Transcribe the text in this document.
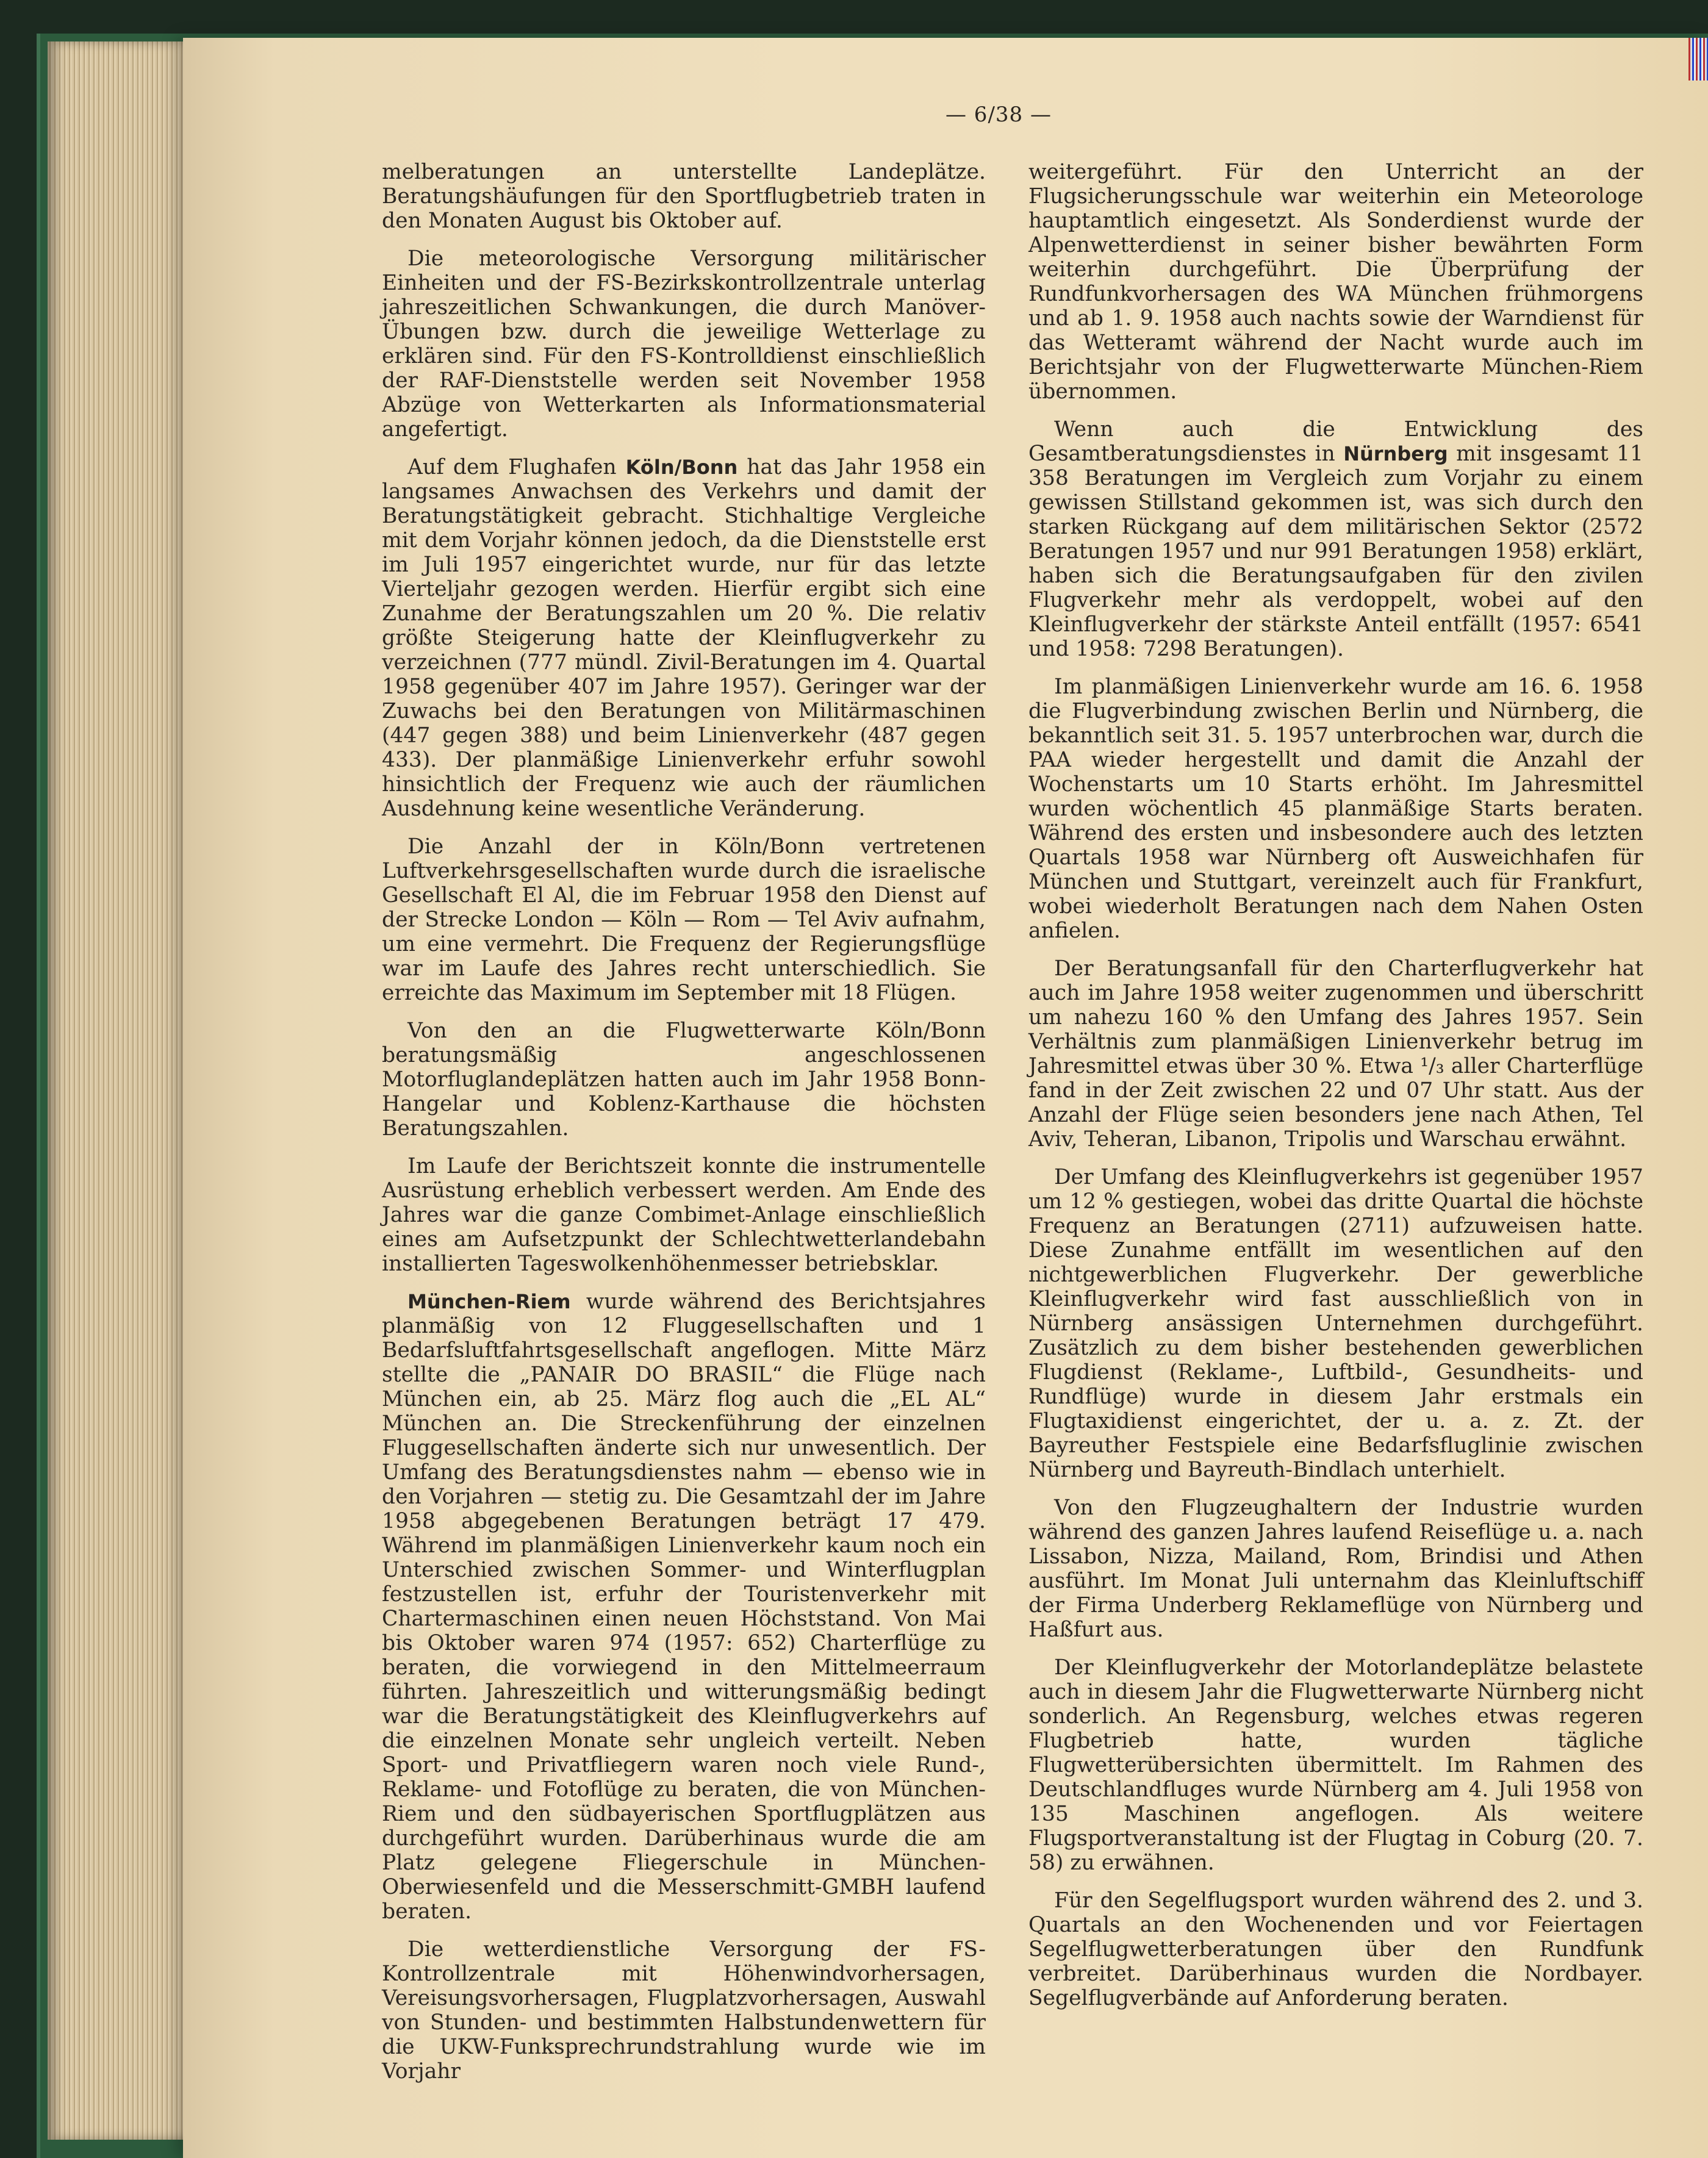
— 6/38 —

melberatungen an unterstellte Landeplätze. Beratungshäufungen für den Sportflugbetrieb traten in den Monaten August bis Oktober auf.

Die meteorologische Versorgung militärischer Einheiten und der FS-Bezirkskontrollzentrale unterlag jahreszeitlichen Schwankungen, die durch Manöver-Übungen bzw. durch die jeweilige Wetterlage zu erklären sind. Für den FS-Kontrolldienst einschließlich der RAF-Dienststelle werden seit November 1958 Abzüge von Wetterkarten als Informationsmaterial angefertigt.

Auf dem Flughafen Köln/Bonn hat das Jahr 1958 ein langsames Anwachsen des Verkehrs und damit der Beratungstätigkeit gebracht. Stichhaltige Vergleiche mit dem Vorjahr können jedoch, da die Dienststelle erst im Juli 1957 eingerichtet wurde, nur für das letzte Vierteljahr gezogen werden. Hierfür ergibt sich eine Zunahme der Beratungszahlen um 20 %. Die relativ größte Steigerung hatte der Kleinflugverkehr zu verzeichnen (777 mündl. Zivil-Beratungen im 4. Quartal 1958 gegenüber 407 im Jahre 1957). Geringer war der Zuwachs bei den Beratungen von Militärmaschinen (447 gegen 388) und beim Linienverkehr (487 gegen 433). Der planmäßige Linienverkehr erfuhr sowohl hinsichtlich der Frequenz wie auch der räumlichen Ausdehnung keine wesentliche Veränderung.

Die Anzahl der in Köln/Bonn vertretenen Luftverkehrsgesellschaften wurde durch die israelische Gesellschaft El Al, die im Februar 1958 den Dienst auf der Strecke London — Köln — Rom — Tel Aviv aufnahm, um eine vermehrt. Die Frequenz der Regierungsflüge war im Laufe des Jahres recht unterschiedlich. Sie erreichte das Maximum im September mit 18 Flügen.

Von den an die Flugwetterwarte Köln/Bonn beratungsmäßig angeschlossenen Motorfluglandeplätzen hatten auch im Jahr 1958 Bonn-Hangelar und Koblenz-Karthause die höchsten Beratungszahlen.

Im Laufe der Berichtszeit konnte die instrumentelle Ausrüstung erheblich verbessert werden. Am Ende des Jahres war die ganze Combimet-Anlage einschließlich eines am Aufsetzpunkt der Schlechtwetterlandebahn installierten Tageswolkenhöhenmesser betriebsklar.

München-Riem wurde während des Berichtsjahres planmäßig von 12 Fluggesellschaften und 1 Bedarfsluftfahrtsgesellschaft angeflogen. Mitte März stellte die „PANAIR DO BRASIL“ die Flüge nach München ein, ab 25. März flog auch die „EL AL“ München an. Die Streckenführung der einzelnen Fluggesellschaften änderte sich nur unwesentlich. Der Umfang des Beratungsdienstes nahm — ebenso wie in den Vorjahren — stetig zu. Die Gesamtzahl der im Jahre 1958 abgegebenen Beratungen beträgt 17 479. Während im planmäßigen Linienverkehr kaum noch ein Unterschied zwischen Sommer- und Winterflugplan festzustellen ist, erfuhr der Touristenverkehr mit Chartermaschinen einen neuen Höchststand. Von Mai bis Oktober waren 974 (1957: 652) Charterflüge zu beraten, die vorwiegend in den Mittelmeerraum führten. Jahreszeitlich und witterungsmäßig bedingt war die Beratungstätigkeit des Kleinflugverkehrs auf die einzelnen Monate sehr ungleich verteilt. Neben Sport- und Privatfliegern waren noch viele Rund-, Reklame- und Fotoflüge zu beraten, die von München-Riem und den südbayerischen Sportflugplätzen aus durchgeführt wurden. Darüberhinaus wurde die am Platz gelegene Fliegerschule in München-Oberwiesenfeld und die Messerschmitt-GMBH laufend beraten.

Die wetterdienstliche Versorgung der FS-Kontrollzentrale mit Höhenwindvorhersagen, Vereisungsvorhersagen, Flugplatzvorhersagen, Auswahl von Stunden- und bestimmten Halbstundenwettern für die UKW-Funksprechrundstrahlung wurde wie im Vorjahr

weitergeführt. Für den Unterricht an der Flugsicherungsschule war weiterhin ein Meteorologe hauptamtlich eingesetzt. Als Sonderdienst wurde der Alpenwetterdienst in seiner bisher bewährten Form weiterhin durchgeführt. Die Überprüfung der Rundfunkvorhersagen des WA München frühmorgens und ab 1. 9. 1958 auch nachts sowie der Warndienst für das Wetteramt während der Nacht wurde auch im Berichtsjahr von der Flugwetterwarte München-Riem übernommen.

Wenn auch die Entwicklung des Gesamtberatungsdienstes in Nürnberg mit insgesamt 11 358 Beratungen im Vergleich zum Vorjahr zu einem gewissen Stillstand gekommen ist, was sich durch den starken Rückgang auf dem militärischen Sektor (2572 Beratungen 1957 und nur 991 Beratungen 1958) erklärt, haben sich die Beratungsaufgaben für den zivilen Flugverkehr mehr als verdoppelt, wobei auf den Kleinflugverkehr der stärkste Anteil entfällt (1957: 6541 und 1958: 7298 Beratungen).

Im planmäßigen Linienverkehr wurde am 16. 6. 1958 die Flugverbindung zwischen Berlin und Nürnberg, die bekanntlich seit 31. 5. 1957 unterbrochen war, durch die PAA wieder hergestellt und damit die Anzahl der Wochenstarts um 10 Starts erhöht. Im Jahresmittel wurden wöchentlich 45 planmäßige Starts beraten. Während des ersten und insbesondere auch des letzten Quartals 1958 war Nürnberg oft Ausweichhafen für München und Stuttgart, vereinzelt auch für Frankfurt, wobei wiederholt Beratungen nach dem Nahen Osten anfielen.

Der Beratungsanfall für den Charterflugverkehr hat auch im Jahre 1958 weiter zugenommen und überschritt um nahezu 160 % den Umfang des Jahres 1957. Sein Verhältnis zum planmäßigen Linienverkehr betrug im Jahresmittel etwas über 30 %. Etwa ¹/₃ aller Charterflüge fand in der Zeit zwischen 22 und 07 Uhr statt. Aus der Anzahl der Flüge seien besonders jene nach Athen, Tel Aviv, Teheran, Libanon, Tripolis und Warschau erwähnt.

Der Umfang des Kleinflugverkehrs ist gegenüber 1957 um 12 % gestiegen, wobei das dritte Quartal die höchste Frequenz an Beratungen (2711) aufzuweisen hatte. Diese Zunahme entfällt im wesentlichen auf den nichtgewerblichen Flugverkehr. Der gewerbliche Kleinflugverkehr wird fast ausschließlich von in Nürnberg ansässigen Unternehmen durchgeführt. Zusätzlich zu dem bisher bestehenden gewerblichen Flugdienst (Reklame-, Luftbild-, Gesundheits- und Rundflüge) wurde in diesem Jahr erstmals ein Flugtaxidienst eingerichtet, der u. a. z. Zt. der Bayreuther Festspiele eine Bedarfsfluglinie zwischen Nürnberg und Bayreuth-Bindlach unterhielt.

Von den Flugzeughaltern der Industrie wurden während des ganzen Jahres laufend Reiseflüge u. a. nach Lissabon, Nizza, Mailand, Rom, Brindisi und Athen ausführt. Im Monat Juli unternahm das Kleinluftschiff der Firma Underberg Reklameflüge von Nürnberg und Haßfurt aus.

Der Kleinflugverkehr der Motorlandeplätze belastete auch in diesem Jahr die Flugwetterwarte Nürnberg nicht sonderlich. An Regensburg, welches etwas regeren Flugbetrieb hatte, wurden tägliche Flugwetterübersichten übermittelt. Im Rahmen des Deutschlandfluges wurde Nürnberg am 4. Juli 1958 von 135 Maschinen angeflogen. Als weitere Flugsportveranstaltung ist der Flugtag in Coburg (20. 7. 58) zu erwähnen.

Für den Segelflugsport wurden während des 2. und 3. Quartals an den Wochenenden und vor Feiertagen Segelflugwetterberatungen über den Rundfunk verbreitet. Darüberhinaus wurden die Nordbayer. Segelflugverbände auf Anforderung beraten.
